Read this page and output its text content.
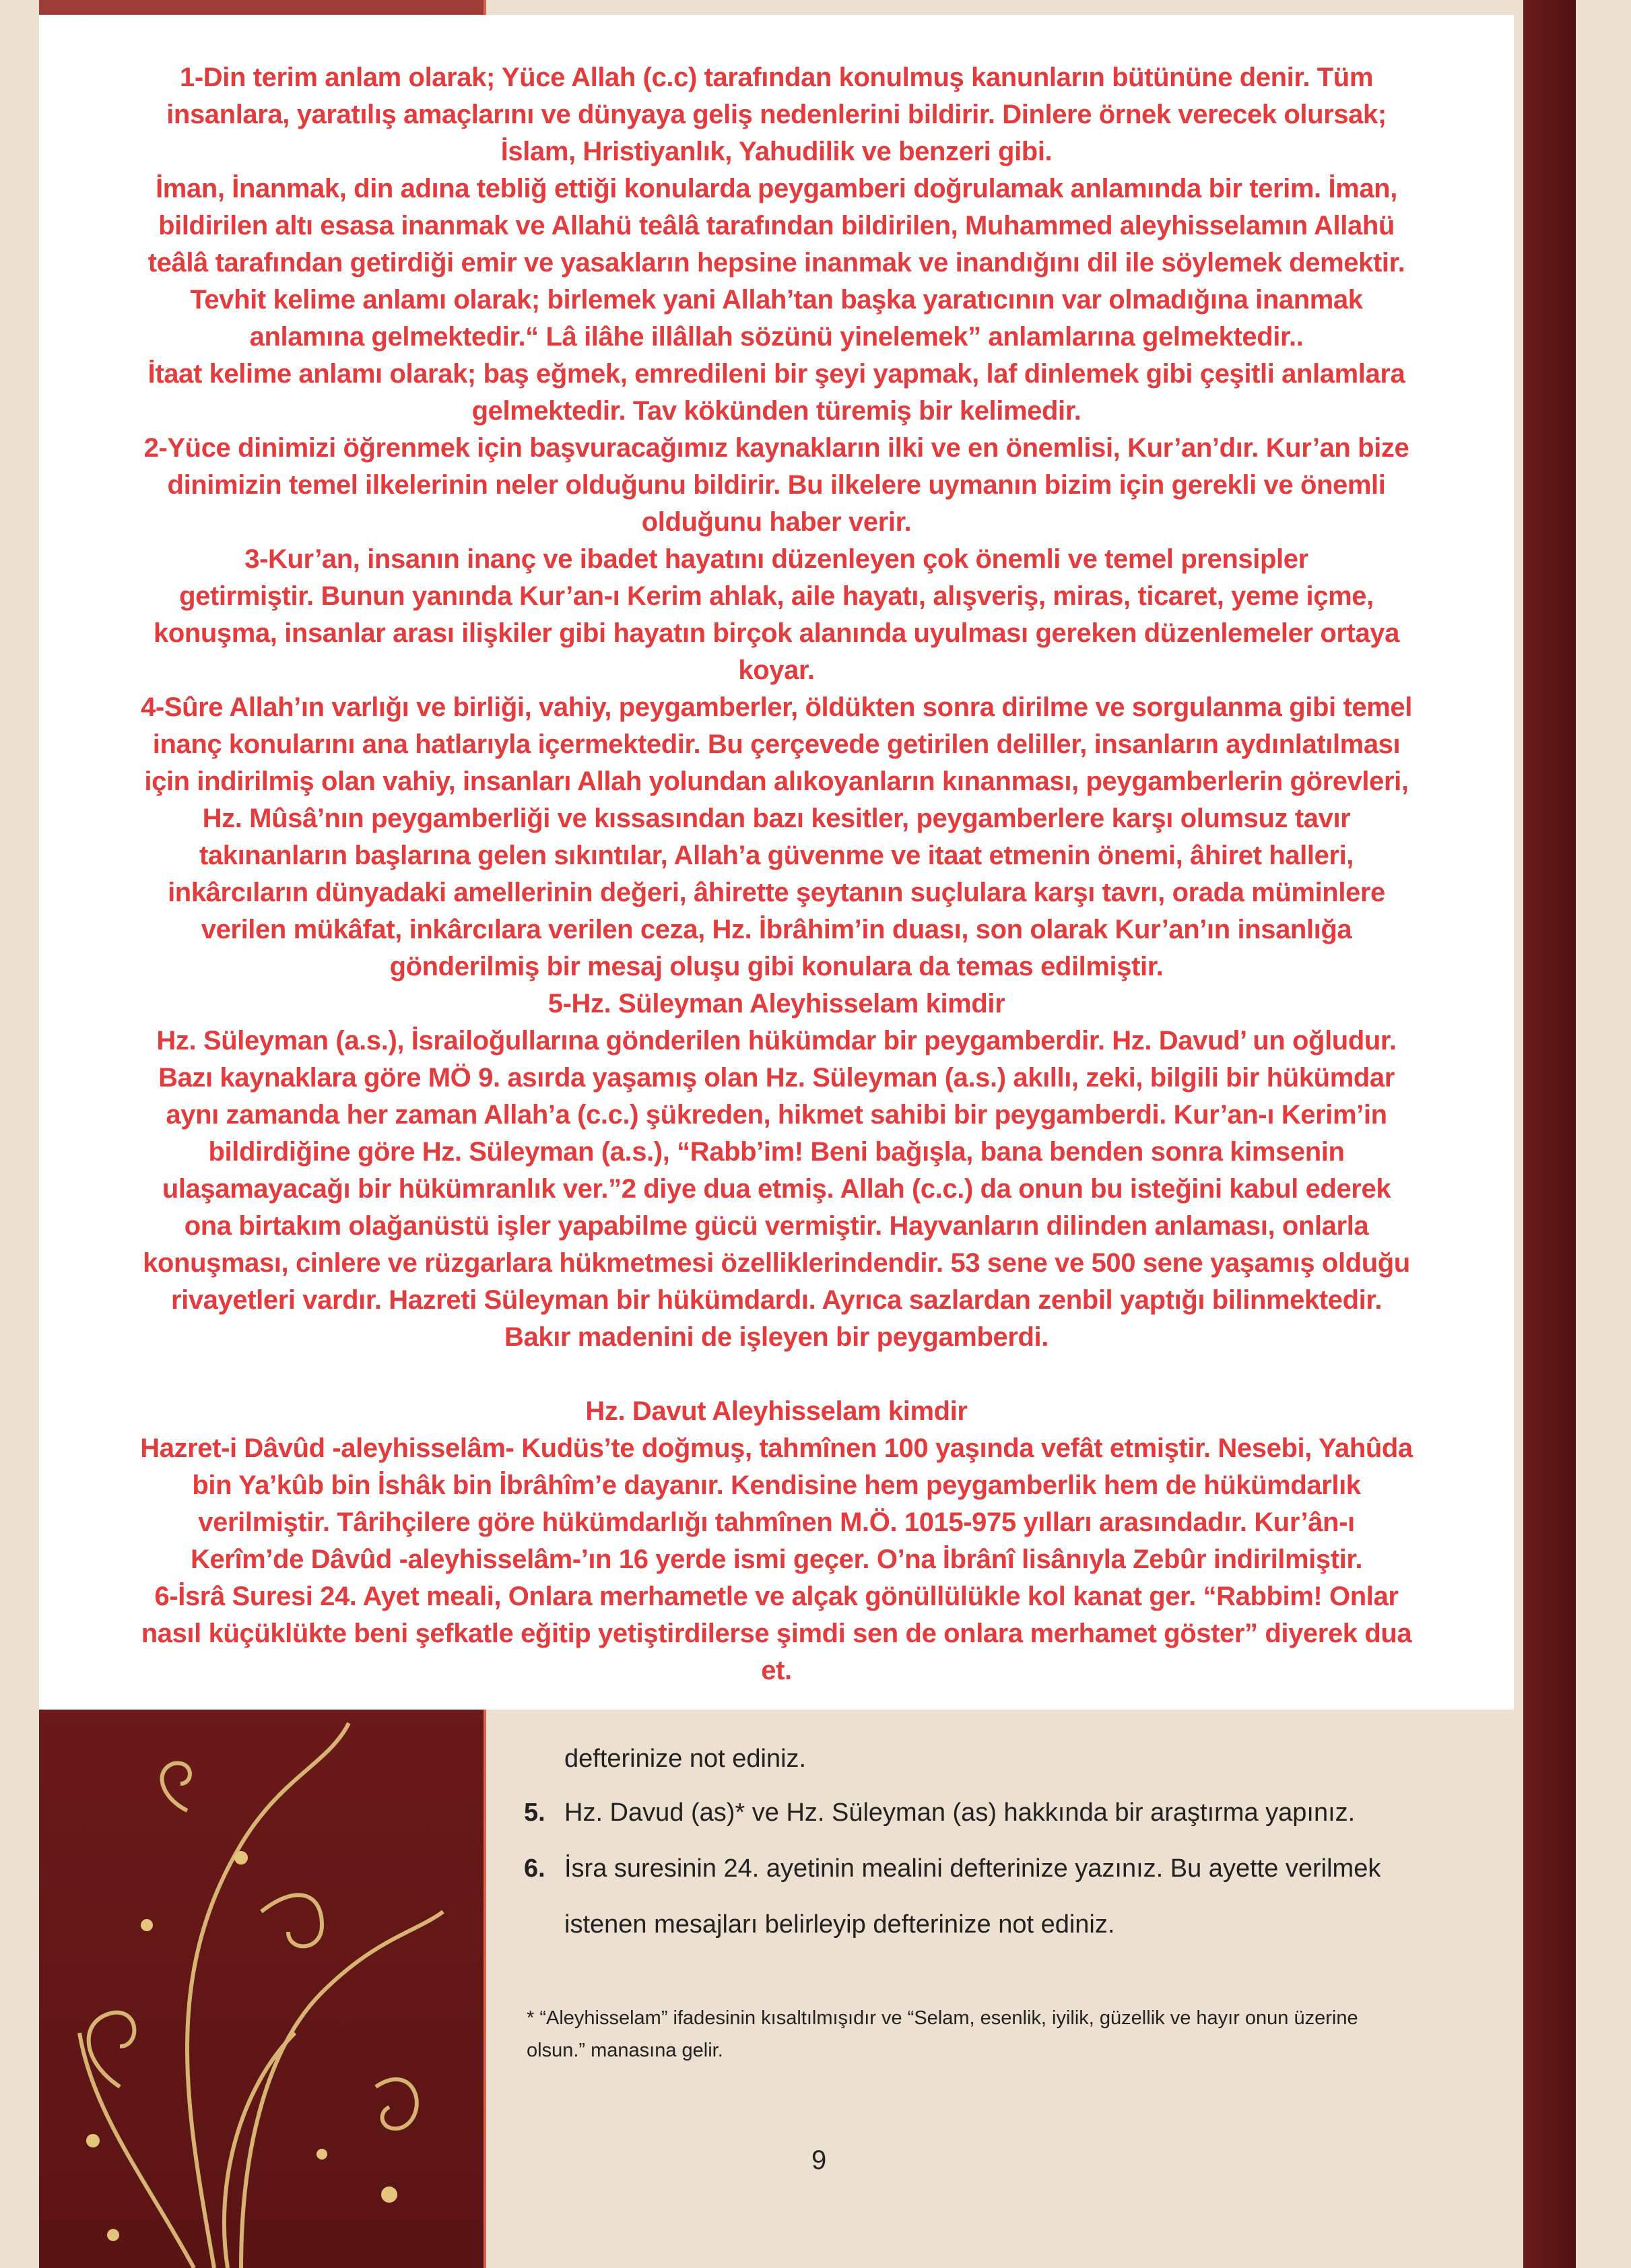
defterinize not ediniz.
5. Hz. Davud (as)* ve Hz. Süleyman (as) hakkında bir araştırma yapınız.
6. İsra suresinin 24. ayetinin mealini defterinize yazınız. Bu ayette verilmek
istenen mesajları belirleyip defterinize not ediniz.
* “Aleyhisselam” ifadesinin kısaltılmışıdır ve “Selam, esenlik, iyilik, güzellik ve hayır onun üzerine
olsun.” manasına gelir.
9
1-Din terim anlam olarak; Yüce Allah (c.c) tarafından konulmuş kanunların bütününe denir. Tüm
insanlara, yaratılış amaçlarını ve dünyaya geliş nedenlerini bildirir. Dinlere örnek verecek olursak;
İslam, Hristiyanlık, Yahudilik ve benzeri gibi.
İman, İnanmak, din adına tebliğ ettiği konularda peygamberi doğrulamak anlamında bir terim. İman,
bildirilen altı esasa inanmak ve Allahü teâlâ tarafından bildirilen, Muhammed aleyhisselamın Allahü
teâlâ tarafından getirdiği emir ve yasakların hepsine inanmak ve inandığını dil ile söylemek demektir.
Tevhit kelime anlamı olarak; birlemek yani Allah’tan başka yaratıcının var olmadığına inanmak
anlamına gelmektedir.“ Lâ ilâhe illâllah sözünü yinelemek” anlamlarına gelmektedir..
İtaat kelime anlamı olarak; baş eğmek, emredileni bir şeyi yapmak, laf dinlemek gibi çeşitli anlamlara
gelmektedir. Tav kökünden türemiş bir kelimedir.
2-Yüce dinimizi öğrenmek için başvuracağımız kaynakların ilki ve en önemlisi, Kur’an’dır. Kur’an bize
dinimizin temel ilkelerinin neler olduğunu bildirir. Bu ilkelere uymanın bizim için gerekli ve önemli
olduğunu haber verir.
3-Kur’an, insanın inanç ve ibadet hayatını düzenleyen çok önemli ve temel prensipler
getirmiştir. Bunun yanında Kur’an-ı Kerim ahlak, aile hayatı, alışveriş, miras, ticaret, yeme içme,
konuşma, insanlar arası ilişkiler gibi hayatın birçok alanında uyulması gereken düzenlemeler ortaya
koyar.
4-Sûre Allah’ın varlığı ve birliği, vahiy, peygamberler, öldükten sonra dirilme ve sorgulanma gibi temel
inanç konularını ana hatlarıyla içermektedir. Bu çerçevede getirilen deliller, insanların aydınlatılması
için indirilmiş olan vahiy, insanları Allah yolundan alıkoyanların kınanması, peygamberlerin görevleri,
Hz. Mûsâ’nın peygamberliği ve kıssasından bazı kesitler, peygamberlere karşı olumsuz tavır
takınanların başlarına gelen sıkıntılar, Allah’a güvenme ve itaat etmenin önemi, âhiret halleri,
inkârcıların dünyadaki amellerinin değeri, âhirette şeytanın suçlulara karşı tavrı, orada müminlere
verilen mükâfat, inkârcılara verilen ceza, Hz. İbrâhim’in duası, son olarak Kur’an’ın insanlığa
gönderilmiş bir mesaj oluşu gibi konulara da temas edilmiştir.
5-Hz. Süleyman Aleyhisselam kimdir
Hz. Süleyman (a.s.), İsrailoğullarına gönderilen hükümdar bir peygamberdir. Hz. Davud’ un oğludur.
Bazı kaynaklara göre MÖ 9. asırda yaşamış olan Hz. Süleyman (a.s.) akıllı, zeki, bilgili bir hükümdar
aynı zamanda her zaman Allah’a (c.c.) şükreden, hikmet sahibi bir peygamberdi. Kur’an-ı Kerim’in
bildirdiğine göre Hz. Süleyman (a.s.), “Rabb’im! Beni bağışla, bana benden sonra kimsenin
ulaşamayacağı bir hükümranlık ver.”2 diye dua etmiş. Allah (c.c.) da onun bu isteğini kabul ederek
ona birtakım olağanüstü işler yapabilme gücü vermiştir. Hayvanların dilinden anlaması, onlarla
konuşması, cinlere ve rüzgarlara hükmetmesi özelliklerindendir. 53 sene ve 500 sene yaşamış olduğu
rivayetleri vardır. Hazreti Süleyman bir hükümdardı. Ayrıca sazlardan zenbil yaptığı bilinmektedir.
Bakır madenini de işleyen bir peygamberdi.
Hz. Davut Aleyhisselam kimdir
Hazret-i Dâvûd -aleyhisselâm- Kudüs’te doğmuş, tahmînen 100 yaşında vefât etmiştir. Nesebi, Yahûda
bin Ya’kûb bin İshâk bin İbrâhîm’e dayanır. Kendisine hem peygamberlik hem de hükümdarlık
verilmiştir. Târihçilere göre hükümdarlığı tahmînen M.Ö. 1015-975 yılları arasındadır. Kur’ân-ı
Kerîm’de Dâvûd -aleyhisselâm-’ın 16 yerde ismi geçer. O’na İbrânî lisânıyla Zebûr indirilmiştir.
6-İsrâ Suresi 24. Ayet meali, Onlara merhametle ve alçak gönüllülükle kol kanat ger. “Rabbim! Onlar
nasıl küçüklükte beni şefkatle eğitip yetiştirdilerse şimdi sen de onlara merhamet göster” diyerek dua
et.
